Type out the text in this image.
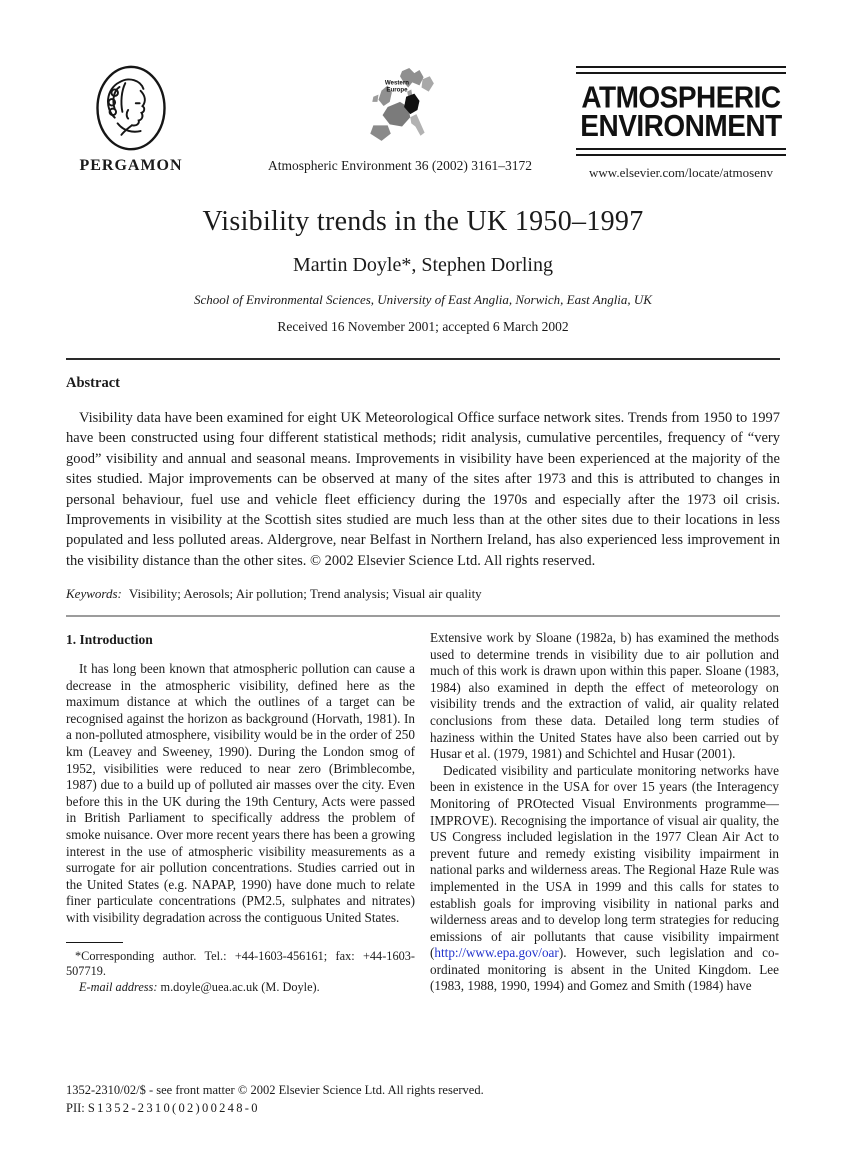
PERGAMON
Western
Europe
Atmospheric Environment 36 (2002) 3161–3172
ATMOSPHERIC
ENVIRONMENT
www.elsevier.com/locate/atmosenv
Visibility trends in the UK 1950–1997
Martin Doyle*, Stephen Dorling
School of Environmental Sciences, University of East Anglia, Norwich, East Anglia, UK
Received 16 November 2001; accepted 6 March 2002
Abstract

Visibility data have been examined for eight UK Meteorological Office surface network sites. Trends from 1950 to 1997 have been constructed using four different statistical methods; ridit analysis, cumulative percentiles, frequency of “very good” visibility and annual and seasonal means. Improvements in visibility have been experienced at the majority of the sites studied. Major improvements can be observed at many of the sites after 1973 and this is attributed to changes in personal behaviour, fuel use and vehicle fleet efficiency during the 1970s and especially after the 1973 oil crisis. Improvements in visibility at the Scottish sites studied are much less than at the other sites due to their locations in less populated and less polluted areas. Aldergrove, near Belfast in Northern Ireland, has also experienced less improvement in the visibility distance than the other sites. © 2002 Elsevier Science Ltd. All rights reserved.

Keywords: Visibility; Aerosols; Air pollution; Trend analysis; Visual air quality

1. Introduction

It has long been known that atmospheric pollution can cause a decrease in the atmospheric visibility, defined here as the maximum distance at which the outlines of a target can be recognised against the horizon as background (Horvath, 1981). In a non-polluted atmosphere, visibility would be in the order of 250 km (Leavey and Sweeney, 1990). During the London smog of 1952, visibilities were reduced to near zero (Brimblecombe, 1987) due to a build up of polluted air masses over the city. Even before this in the UK during the 19th Century, Acts were passed in British Parliament to specifically address the problem of smoke nuisance. Over more recent years there has been a growing interest in the use of atmospheric visibility measurements as a surrogate for air pollution concentrations. Studies carried out in the United States (e.g. NAPAP, 1990) have done much to relate finer particulate concentrations (PM2.5, sulphates and nitrates) with visibility degradation across the contiguous United States.

*Corresponding author. Tel.: +44-1603-456161; fax: +44-1603-507719.

E-mail address: m.doyle@uea.ac.uk (M. Doyle).

Extensive work by Sloane (1982a, b) has examined the methods used to determine trends in visibility due to air pollution and much of this work is drawn upon within this paper. Sloane (1983, 1984) also examined in depth the effect of meteorology on visibility trends and the extraction of valid, air quality related conclusions from these data. Detailed long term studies of haziness within the United States have also been carried out by Husar et al. (1979, 1981) and Schichtel and Husar (2001).

Dedicated visibility and particulate monitoring networks have been in existence in the USA for over 15 years (the Interagency Monitoring of PROtected Visual Environments programme—IMPROVE). Recognising the importance of visual air quality, the US Congress included legislation in the 1977 Clean Air Act to prevent future and remedy existing visibility impairment in national parks and wilderness areas. The Regional Haze Rule was implemented in the USA in 1999 and this calls for states to establish goals for improving visibility in national parks and wilderness areas and to develop long term strategies for reducing emissions of air pollutants that cause visibility impairment (http://www.epa.gov/oar). However, such legislation and co-ordinated monitoring is absent in the United Kingdom. Lee (1983, 1988, 1990, 1994) and Gomez and Smith (1984) have

1352-2310/02/$ - see front matter © 2002 Elsevier Science Ltd. All rights reserved.
PII: S1352-2310(02)00248-0
